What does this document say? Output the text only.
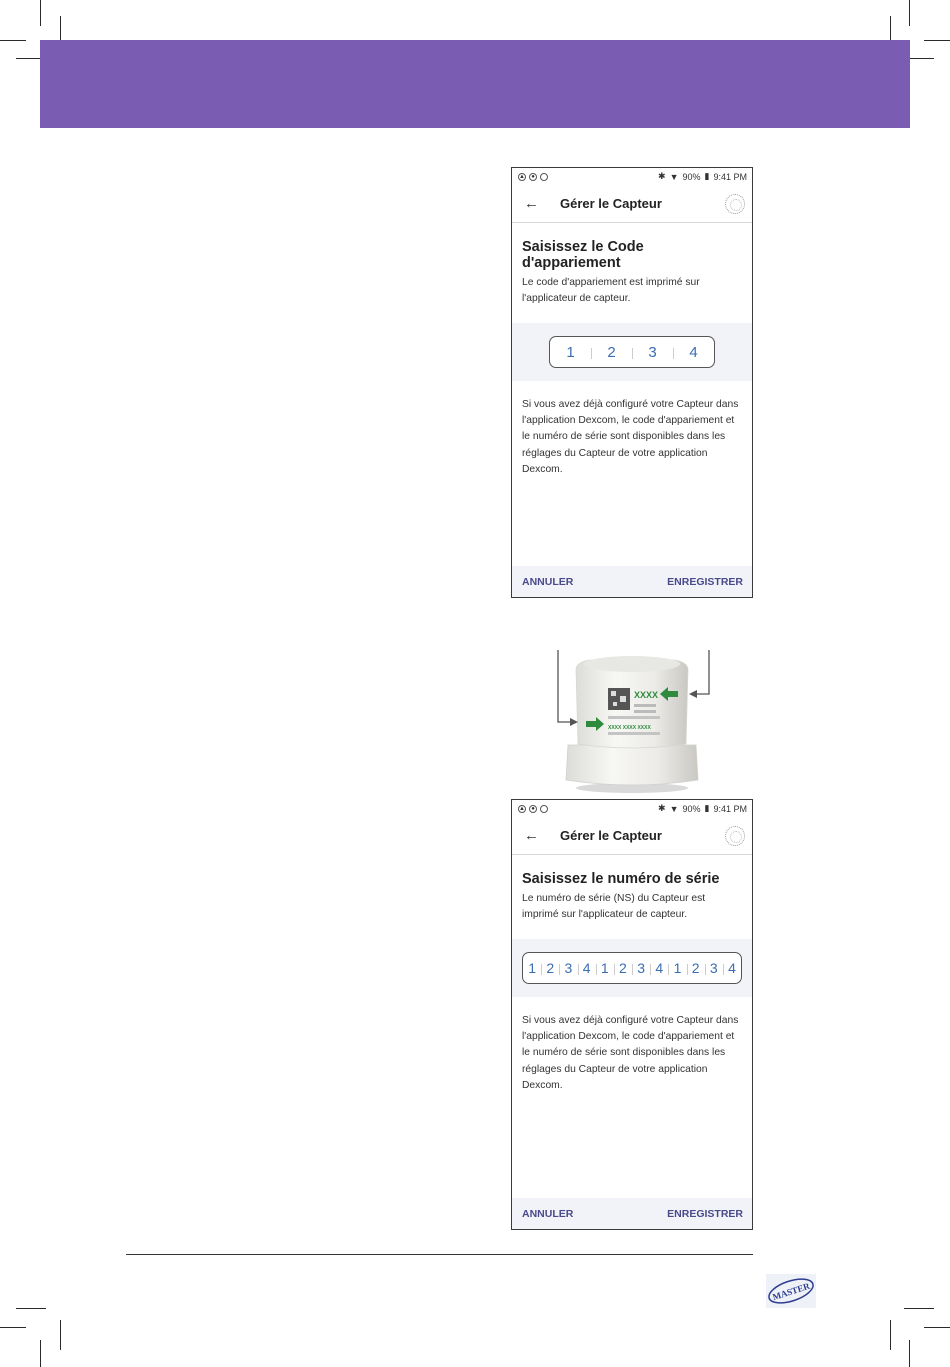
▲	●	✱ ▼ 90% ▮ 9:41 PM
← Gérer le Capteur
Saisissez le Code d'appariement
Le code d'appariement est imprimé sur l'applicateur de capteur.
1	2	3	4
Si vous avez déjà configuré votre Capteur dans l'application Dexcom, le code d'appariement et le numéro de série sont disponibles dans les réglages du Capteur de votre application Dexcom.
ANNULER	ENREGISTRER
XXXX
XXXX XXXX XXXX
▲	●	✱ ▼ 90% ▮ 9:41 PM
← Gérer le Capteur
Saisissez le numéro de série
Le numéro de série (NS) du Capteur est imprimé sur l'applicateur de capteur.
1 2 3 4 1 2 3 4 1 2 3 4
Si vous avez déjà configuré votre Capteur dans l'application Dexcom, le code d'appariement et le numéro de série sont disponibles dans les réglages du Capteur de votre application Dexcom.
ANNULER	ENREGISTRER
MASTER
